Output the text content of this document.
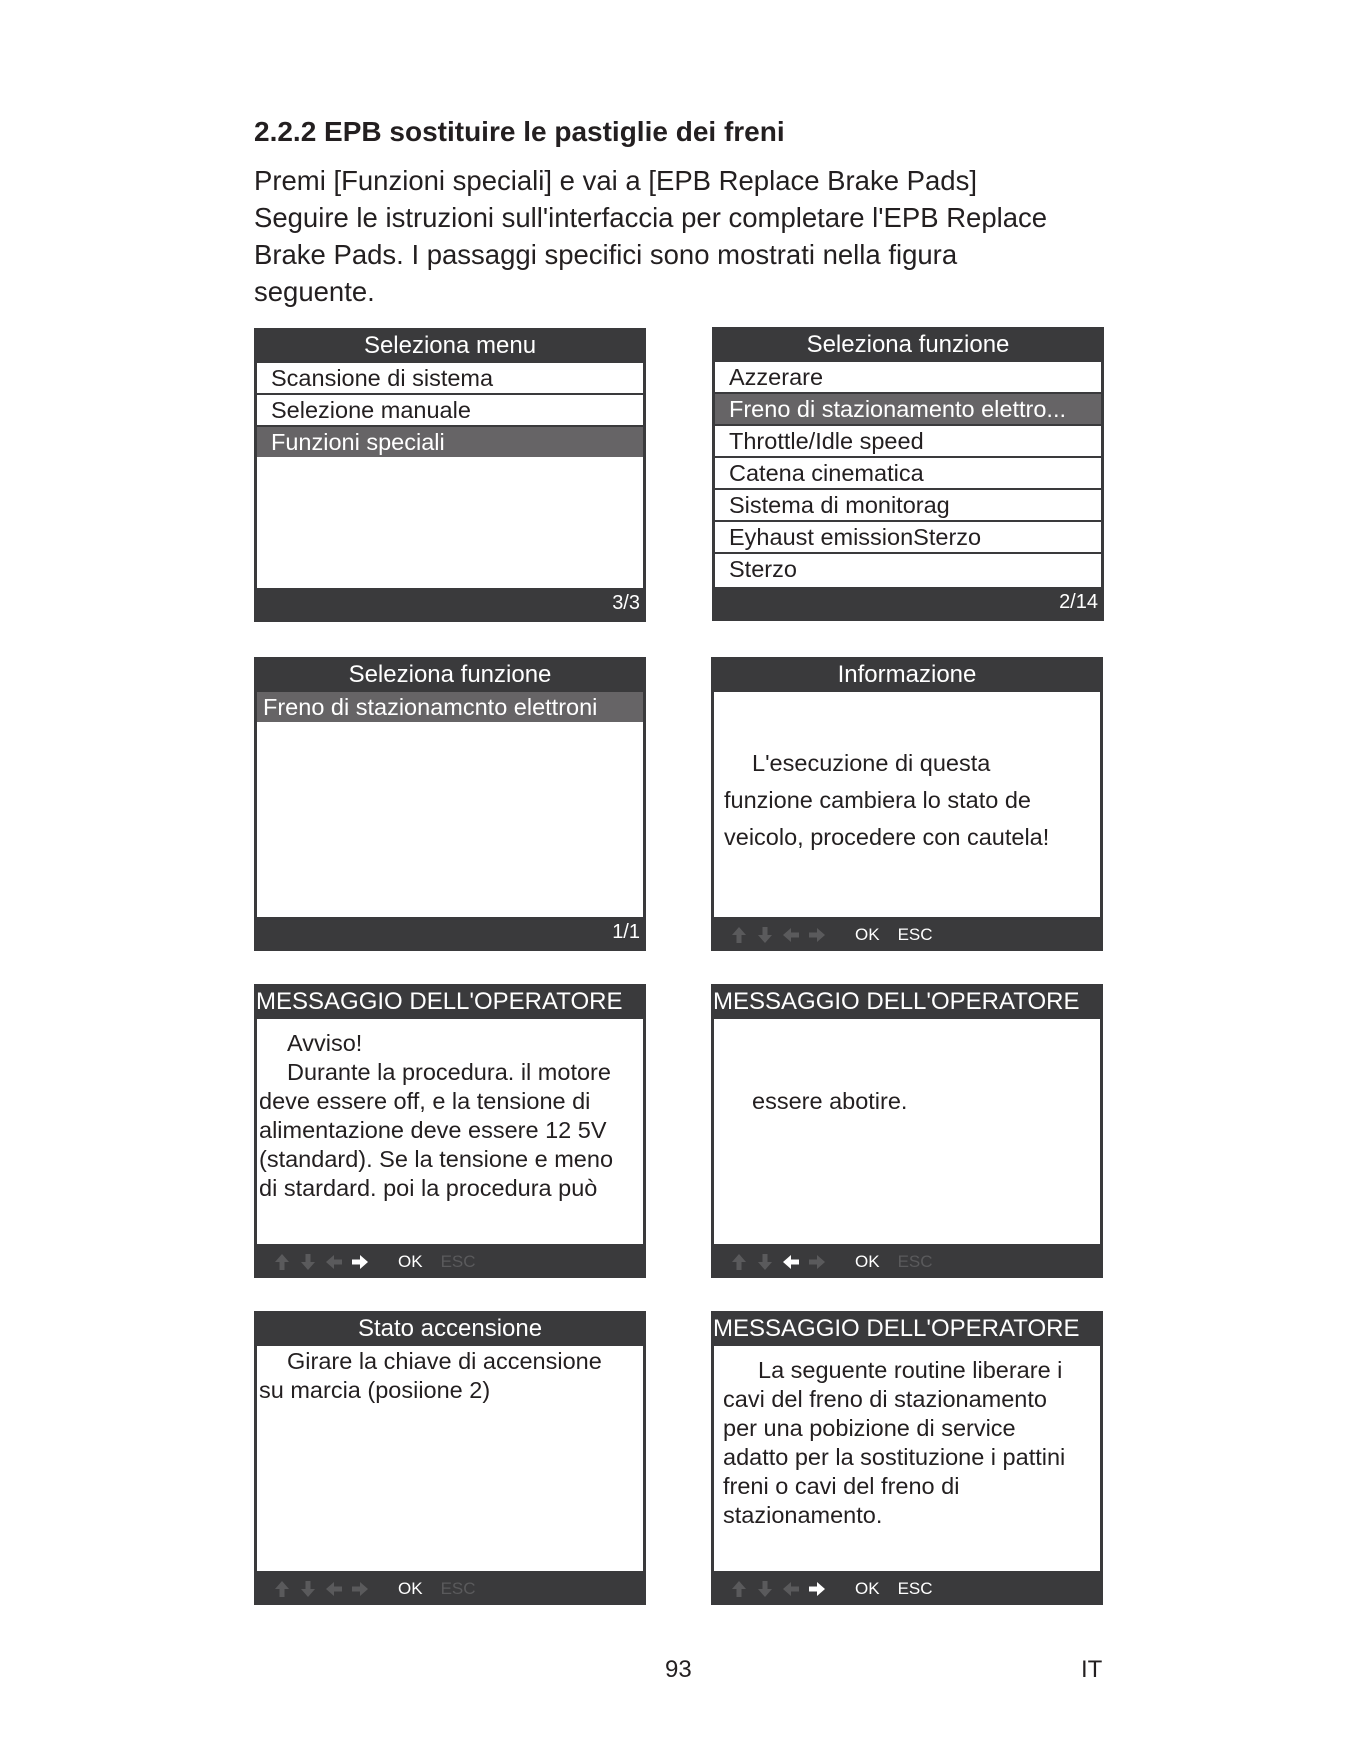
2.2.2 EPB sostituire le pastiglie dei freni

Premi [Funzioni speciali] e vai a [EPB Replace Brake Pads]
Seguire le istruzioni sull'interfaccia per completare l'EPB Replace
Brake Pads. I passaggi specifici sono mostrati nella figura
seguente.

Seleziona menu
Scansione di sistema
Selezione manuale
Funzioni speciali
3/3
Seleziona funzione
Azzerare
Freno di stazionamento elettro...
Throttle/Idle speed
Catena cinematica
Sistema di monitorag
Eyhaust emissionSterzo
Sterzo
2/14
Seleziona funzione
Freno di stazionamcnto elettroni
1/1
Informazione
L'esecuzione di questa
funzione cambiera lo stato de
veicolo, procedere con cautela!
OK ESC
MESSAGGIO DELL'OPERATORE
Avviso!
Durante la procedura. il motore
deve essere off, e la tensione di
alimentazione deve essere 12 5V
(standard). Se la tensione e meno
di stardard. poi la procedura può
OK ESC
MESSAGGIO DELL'OPERATORE
essere abotire.
OK ESC
Stato accensione
Girare la chiave di accensione
su marcia (posiione 2)
OK ESC
MESSAGGIO DELL'OPERATORE
La seguente routine liberare i
cavi del freno di stazionamento
per una pobizione di service
adatto per la sostituzione i pattini
freni o cavi del freno di
stazionamento.
OK ESC
93	IT
